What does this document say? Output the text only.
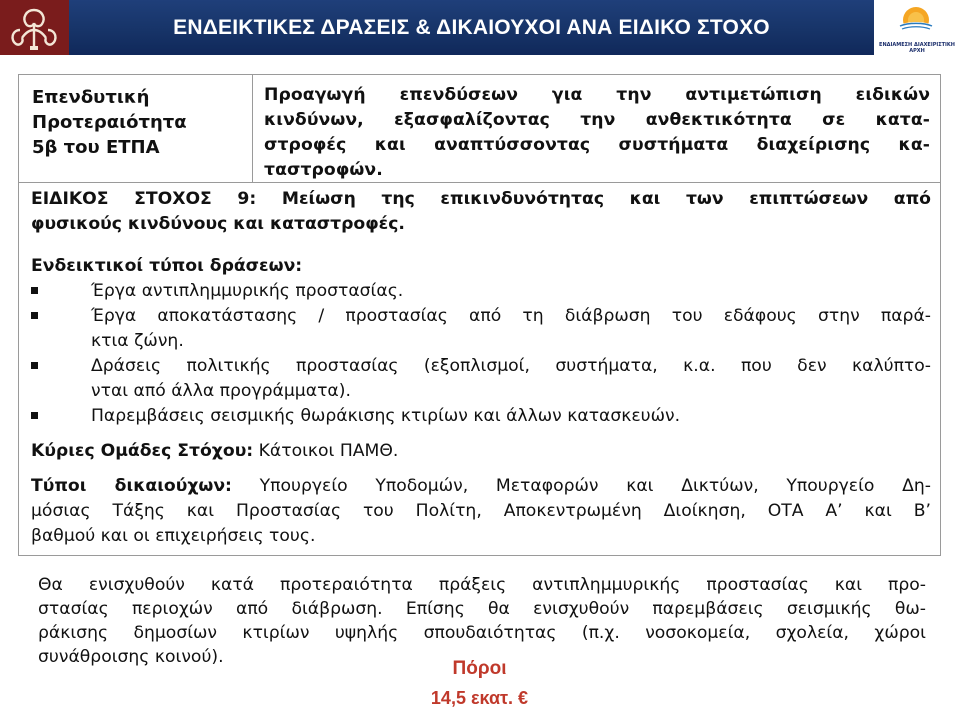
ΕΝΔΕΙΚΤΙΚΕΣ ΔΡΑΣΕΙΣ & ΔΙΚΑΙΟΥΧΟΙ ΑΝΑ ΕΙΔΙΚΟ ΣΤΟΧΟ
ΕΝΔΙΑΜΕΣΗ ΔΙΑΧΕΙΡΙΣΤΙΚΗ ΑΡΧΗ
Επενδυτική
Προτεραιότητα
5β του ΕΤΠΑ
Προαγωγή επενδύσεων για την αντιμετώπιση ειδικών
κινδύνων, εξασφαλίζοντας την ανθεκτικότητα σε κατα-
στροφές και αναπτύσσοντας συστήματα διαχείρισης κα-
ταστροφών.
ΕΙΔΙΚΟΣ ΣΤΟΧΟΣ 9: Μείωση της επικινδυνότητας και των επιπτώσεων από
φυσικούς κινδύνους και καταστροφές.
Ενδεικτικοί τύποι δράσεων:
Έργα αντιπλημμυρικής προστασίας.
Έργα αποκατάστασης / προστασίας από τη διάβρωση του εδάφους στην παρά-
κτια ζώνη.
Δράσεις πολιτικής προστασίας (εξοπλισμοί, συστήματα, κ.α. που δεν καλύπτο-
νται από άλλα προγράμματα).
Παρεμβάσεις σεισμικής θωράκισης κτιρίων και άλλων κατασκευών.
Κύριες Ομάδες Στόχου: Κάτοικοι ΠΑΜΘ.
Τύποι δικαιούχων: Υπουργείο Υποδομών, Μεταφορών και Δικτύων, Υπουργείο Δη-
μόσιας Τάξης και Προστασίας του Πολίτη, Αποκεντρωμένη Διοίκηση, ΟΤΑ Α’ και Β’
βαθμού και οι επιχειρήσεις τους.
Θα ενισχυθούν κατά προτεραιότητα πράξεις αντιπλημμυρικής προστασίας και προ-
στασίας περιοχών από διάβρωση. Επίσης θα ενισχυθούν παρεμβάσεις σεισμικής θω-
ράκισης δημοσίων κτιρίων υψηλής σπουδαιότητας (π.χ. νοσοκομεία, σχολεία, χώροι
συνάθροισης κοινού).
Πόροι
14,5 εκατ. €
